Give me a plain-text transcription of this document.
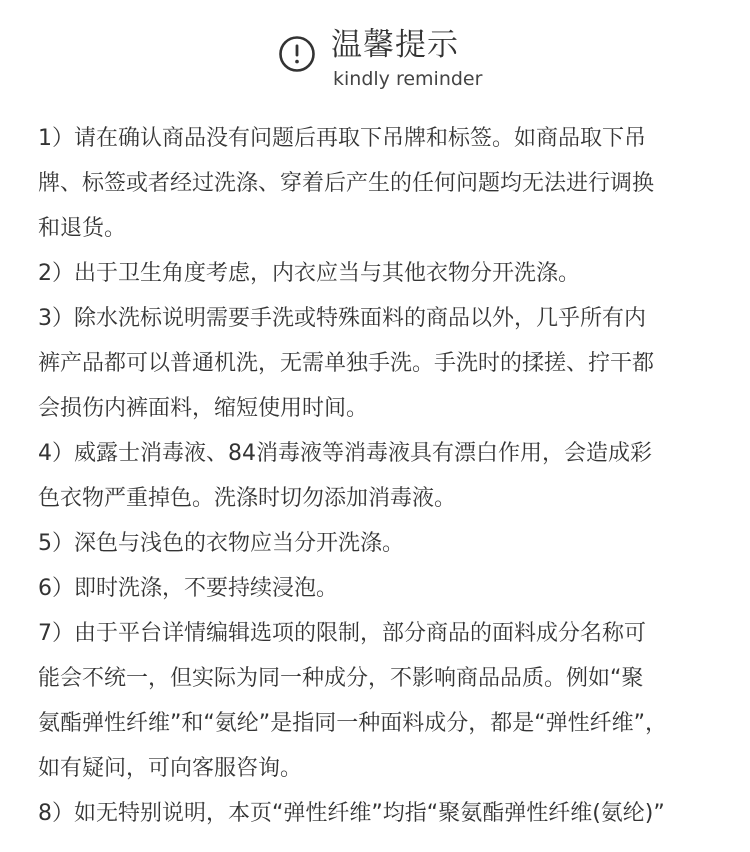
温馨提示
kindly reminder

1）请在确认商品没有问题后再取下吊牌和标签。如商品取下吊
牌、标签或者经过洗涤、穿着后产生的任何问题均无法进行调换
和退货。

2）出于卫生角度考虑，内衣应当与其他衣物分开洗涤。

3）除水洗标说明需要手洗或特殊面料的商品以外，几乎所有内
裤产品都可以普通机洗，无需单独手洗。手洗时的揉搓、拧干都
会损伤内裤面料，缩短使用时间。

4）威露士消毒液、84消毒液等消毒液具有漂白作用，会造成彩
色衣物严重掉色。洗涤时切勿添加消毒液。

5）深色与浅色的衣物应当分开洗涤。

6）即时洗涤，不要持续浸泡。

7）由于平台详情编辑选项的限制，部分商品的面料成分名称可
能会不统一，但实际为同一种成分，不影响商品品质。例如“聚
氨酯弹性纤维”和“氨纶”是指同一种面料成分，都是“弹性纤维”，
如有疑问，可向客服咨询。

8）如无特别说明，本页“弹性纤维”均指“聚氨酯弹性纤维(氨纶)”
